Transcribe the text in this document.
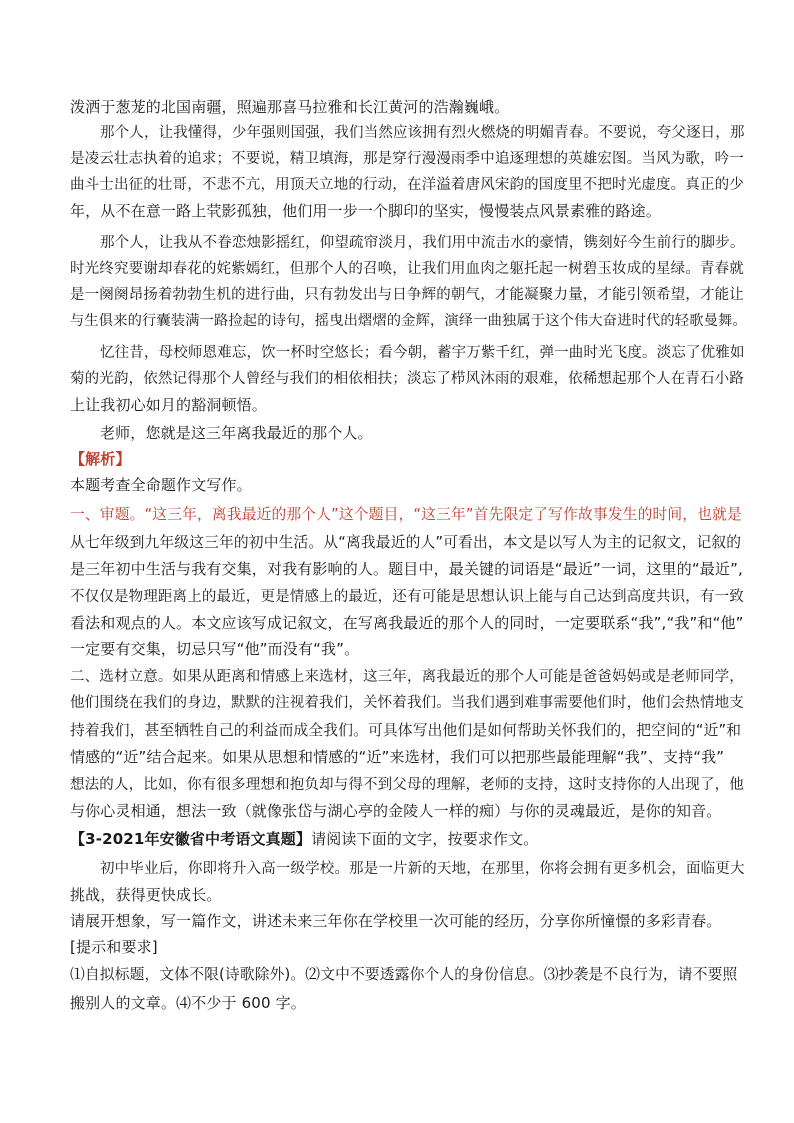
泼洒于葱茏的北国南疆，照遍那喜马拉雅和长江黄河的浩瀚巍峨。
那个人，让我懂得，少年强则国强，我们当然应该拥有烈火燃烧的明媚青春。不要说，夸父逐日，那
是凌云壮志执着的追求；不要说，精卫填海，那是穿行漫漫雨季中追逐理想的英雄宏图。当风为歌，吟一
曲斗士出征的壮哥，不悲不亢，用顶天立地的行动，在洋溢着唐风宋韵的国度里不把时光虚度。真正的少
年，从不在意一路上茕影孤独，他们用一步一个脚印的坚实，慢慢装点风景素雅的路途。
那个人，让我从不眷恋烛影摇红，仰望疏帘淡月，我们用中流击水的豪情，镌刻好今生前行的脚步。
时光终究要谢却春花的姹紫嫣红，但那个人的召唤，让我们用血肉之躯托起一树碧玉妆成的星绿。青春就
是一阕阕昂扬着勃勃生机的进行曲，只有勃发出与日争辉的朝气，才能凝聚力量，才能引领希望，才能让
与生俱来的行囊装满一路捡起的诗句，摇曳出熠熠的金辉，演绎一曲独属于这个伟大奋进时代的轻歌曼舞。
忆往昔，母校师恩难忘，饮一杯时空悠长；看今朝，蓄宇万紫千红，弹一曲时光飞度。淡忘了优雅如
菊的光韵，依然记得那个人曾经与我们的相依相扶；淡忘了栉风沐雨的艰难，依稀想起那个人在青石小路
上让我初心如月的豁洞顿悟。
老师，您就是这三年离我最近的那个人。
【解析】
本题考查全命题作文写作。
一、审题。“这三年，离我最近的那个人”这个题目，“这三年”首先限定了写作故事发生的时间，也就是
从七年级到九年级这三年的初中生活。从“离我最近的人”可看出，本文是以写人为主的记叙文，记叙的
是三年初中生活与我有交集，对我有影响的人。题目中，最关键的词语是“最近”一词，这里的“最近”,
不仅仅是物理距离上的最近，更是情感上的最近，还有可能是思想认识上能与自己达到高度共识，有一致
看法和观点的人。本文应该写成记叙文，在写离我最近的那个人的同时，一定要联系“我”,“我”和“他”
一定要有交集，切忌只写“他”而没有“我”。
二、选材立意。如果从距离和情感上来选材，这三年，离我最近的那个人可能是爸爸妈妈或是老师同学，
他们围绕在我们的身边，默默的注视着我们，关怀着我们。当我们遇到难事需要他们时，他们会热情地支
持着我们，甚至牺牲自己的利益而成全我们。可具体写出他们是如何帮助关怀我们的，把空间的“近”和
情感的“近”结合起来。如果从思想和情感的“近”来选材，我们可以把那些最能理解“我”、支持“我”
想法的人，比如，你有很多理想和抱负却与得不到父母的理解，老师的支持，这时支持你的人出现了，他
与你心灵相通，想法一致（就像张岱与湖心亭的金陵人一样的痴）与你的灵魂最近，是你的知音。
【3-2021年安徽省中考语文真题】请阅读下面的文字，按要求作文。
初中毕业后，你即将升入高一级学校。那是一片新的天地，在那里，你将会拥有更多机会，面临更大
挑战，获得更快成长。
请展开想象，写一篇作文，讲述未来三年你在学校里一次可能的经历，分享你所憧憬的多彩青春。
[提示和要求]
⑴自拟标题，文体不限(诗歌除外)。⑵文中不要透露你个人的身份信息。⑶抄袭是不良行为，请不要照
搬别人的文章。⑷不少于 600 字。
